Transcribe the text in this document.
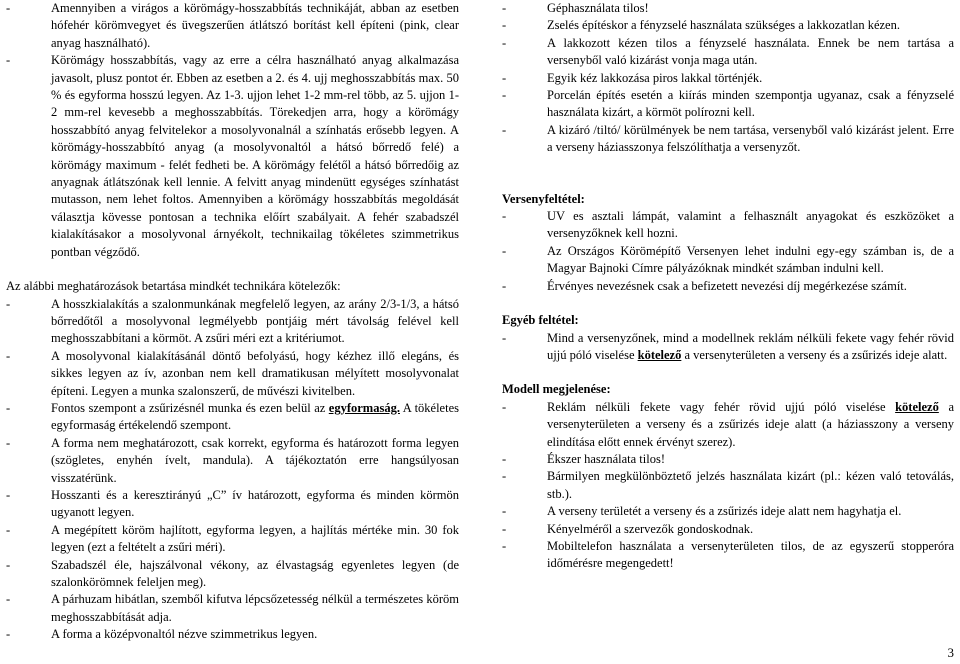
-	Amennyiben a virágos a körömágy-hosszabbítás technikáját, abban az esetben hófehér körömvegyet és üvegszerűen átlátszó borítást kell építeni (pink, clear anyag használható).
-	Körömágy hosszabbítás, vagy az erre a célra használható anyag alkalmazása javasolt, plusz pontot ér. Ebben az esetben a 2. és 4. ujj meghosszabbítás max. 50 % és egyforma hosszú legyen. Az 1-3. ujjon lehet 1-2 mm-rel több, az 5. ujjon 1-2 mm-rel kevesebb a meghosszabbítás. Törekedjen arra, hogy a körömágy hosszabbító anyag felvitelekor a mosolyvonalnál a színhatás erősebb legyen. A körömágy-hosszabbító anyag (a mosolyvonaltól a hátsó bőrredő felé) a körömágy maximum - felét fedheti be. A körömágy felétől a hátsó bőrredőig az anyagnak átlátszónak kell lennie. A felvitt anyag mindenütt egységes színhatást mutasson, nem lehet foltos. Amennyiben a körömágy hosszabbítás megoldását választja kövesse pontosan a technika előírt szabályait. A fehér szabadszél kialakításakor a mosolyvonal árnyékolt, technikailag tökéletes szimmetrikus pontban végződő.
Az alábbi meghatározások betartása mindkét technikára kötelezők:
-	A hosszkialakítás a szalonmunkának megfelelő legyen, az arány 2/3-1/3, a hátsó bőrredőtől a mosolyvonal legmélyebb pontjáig mért távolság felével kell meghosszabbítani a körmöt. A zsűri méri ezt a kritériumot.
-	A mosolyvonal kialakításánál döntő befolyású, hogy kézhez illő elegáns, és sikkes legyen az ív, azonban nem kell dramatikusan mélyített mosolyvonalat építeni. Legyen a munka szalonszerű, de művészi kivitelben.
-	Fontos szempont a zsűrizésnél munka és ezen belül az egyformaság. A tökéletes egyformaság értékelendő szempont.
-	A forma nem meghatározott, csak korrekt, egyforma és határozott forma legyen (szögletes, enyhén ívelt, mandula). A tájékoztatón erre hangsúlyosan visszatérünk.
-	Hosszanti és a keresztirányú „C” ív határozott, egyforma és minden körmön ugyanott legyen.
-	A megépített köröm hajlított, egyforma legyen, a hajlítás mértéke min. 30 fok legyen (ezt a feltételt a zsűri méri).
-	Szabadszél éle, hajszálvonal vékony, az élvastagság egyenletes legyen (de szalonkörömnek feleljen meg).
-	A párhuzam hibátlan, szemből kifutva lépcsőzetesség nélkül a természetes köröm meghosszabbítását adja.
-	A forma a középvonaltól nézve szimmetrikus legyen.
-	Géphasználata tilos!
-	Zselés építéskor a fényzselé használata szükséges a lakkozatlan kézen.
-	A lakkozott kézen tilos a fényzselé használata. Ennek be nem tartása a versenyből való kizárást vonja maga után.
-	Egyik kéz lakkozása piros lakkal történjék.
-	Porcelán építés esetén a kiírás minden szempontja ugyanaz, csak a fényzselé használata kizárt, a körmöt polírozni kell.
-	A kizáró /tiltó/ körülmények be nem tartása, versenyből való kizárást jelent. Erre a verseny háziasszonya felszólíthatja a versenyzőt.
Versenyfeltétel:
-	UV es asztali lámpát, valamint a felhasznált anyagokat és eszközöket a versenyzőknek kell hozni.
-	Az Országos Körömépítő Versenyen lehet indulni egy-egy számban is, de a Magyar Bajnoki Címre pályázóknak mindkét számban indulni kell.
-	Érvényes nevezésnek csak a befizetett nevezési díj megérkezése számít.
Egyéb feltétel:
-	Mind a versenyzőnek, mind a modellnek reklám nélküli fekete vagy fehér rövid ujjú póló viselése kötelező a versenyterületen a verseny és a zsűrizés ideje alatt.
Modell megjelenése:
-	Reklám nélküli fekete vagy fehér rövid ujjú póló viselése kötelező a versenyterületen a verseny és a zsűrizés ideje alatt (a háziasszony a verseny elindítása előtt ennek érvényt szerez).
-	Ékszer használata tilos!
-	Bármilyen megkülönböztető jelzés használata kizárt (pl.: kézen való tetoválás, stb.).
-	A verseny területét a verseny és a zsűrizés ideje alatt nem hagyhatja el.
-	Kényelméről a szervezők gondoskodnak.
-	Mobiltelefon használata a versenyterületen tilos, de az egyszerű stopperóra időmérésre megengedett!
3
